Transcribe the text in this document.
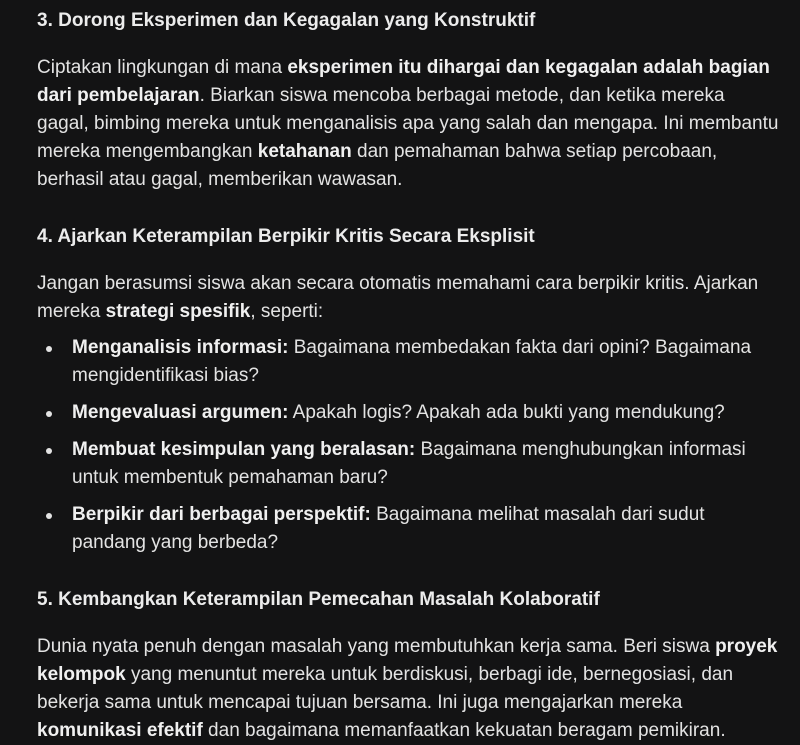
3. Dorong Eksperimen dan Kegagalan yang Konstruktif

Ciptakan lingkungan di mana eksperimen itu dihargai dan kegagalan adalah bagian dari pembelajaran. Biarkan siswa mencoba berbagai metode, dan ketika mereka gagal, bimbing mereka untuk menganalisis apa yang salah dan mengapa. Ini membantu mereka mengembangkan ketahanan dan pemahaman bahwa setiap percobaan, berhasil atau gagal, memberikan wawasan.

4. Ajarkan Keterampilan Berpikir Kritis Secara Eksplisit

Jangan berasumsi siswa akan secara otomatis memahami cara berpikir kritis. Ajarkan mereka strategi spesifik, seperti:

Menganalisis informasi: Bagaimana membedakan fakta dari opini? Bagaimana mengidentifikasi bias?
Mengevaluasi argumen: Apakah logis? Apakah ada bukti yang mendukung?
Membuat kesimpulan yang beralasan: Bagaimana menghubungkan informasi untuk membentuk pemahaman baru?
Berpikir dari berbagai perspektif: Bagaimana melihat masalah dari sudut pandang yang berbeda?
5. Kembangkan Keterampilan Pemecahan Masalah Kolaboratif

Dunia nyata penuh dengan masalah yang membutuhkan kerja sama. Beri siswa proyek kelompok yang menuntut mereka untuk berdiskusi, berbagi ide, bernegosiasi, dan bekerja sama untuk mencapai tujuan bersama. Ini juga mengajarkan mereka komunikasi efektif dan bagaimana memanfaatkan kekuatan beragam pemikiran.
